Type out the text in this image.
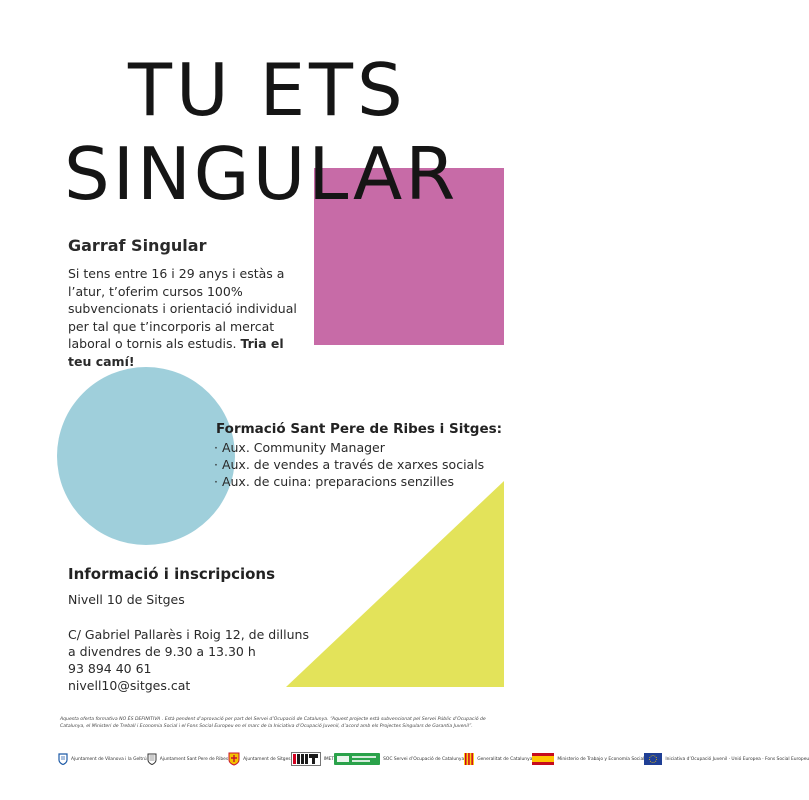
TU ETS
SINGULAR
Garraf Singular
Si tens entre 16 i 29 anys i estàs a l’atur, t’oferim cursos 100% subvencionats i orientació individual per tal que t’incorporis al mercat laboral o tornis als estudis. Tria el teu camí!
Formació Sant Pere de Ribes i Sitges:
· Aux. Community Manager
· Aux. de vendes a través de xarxes socials
· Aux. de cuina: preparacions senzilles
Informació i inscripcions
Nivell 10 de Sitges
C/ Gabriel Pallarès i Roig 12, de dilluns
a divendres de 9.30 a 13.30 h
93 894 40 61
nivell10@sitges.cat
Aquesta oferta formativa NO ÉS DEFINITIVA . Està pendent d’aprovació per part del Servei d’Ocupació de Catalunya. “Aquest projecte està subvencionat pel Servei Públic d’Ocupació de Catalunya, el Ministeri de Treball i Economia Social i el Fons Social Europeu en el marc de la Iniciativa d’Ocupació Juvenil, d’acord amb els Projectes Singulars de Garantia Juvenil”.
Ajuntament de Vilanova i la Geltrú	Ajuntament Sant Pere de Ribes	Ajuntament de Sitges	IMET	SOC Servei d’Ocupació de Catalunya	Generalitat de Catalunya	Ministerio de Trabajo y Economía Social	Iniciativa d’Ocupació Juvenil · Unió Europea · Fons Social Europeu
